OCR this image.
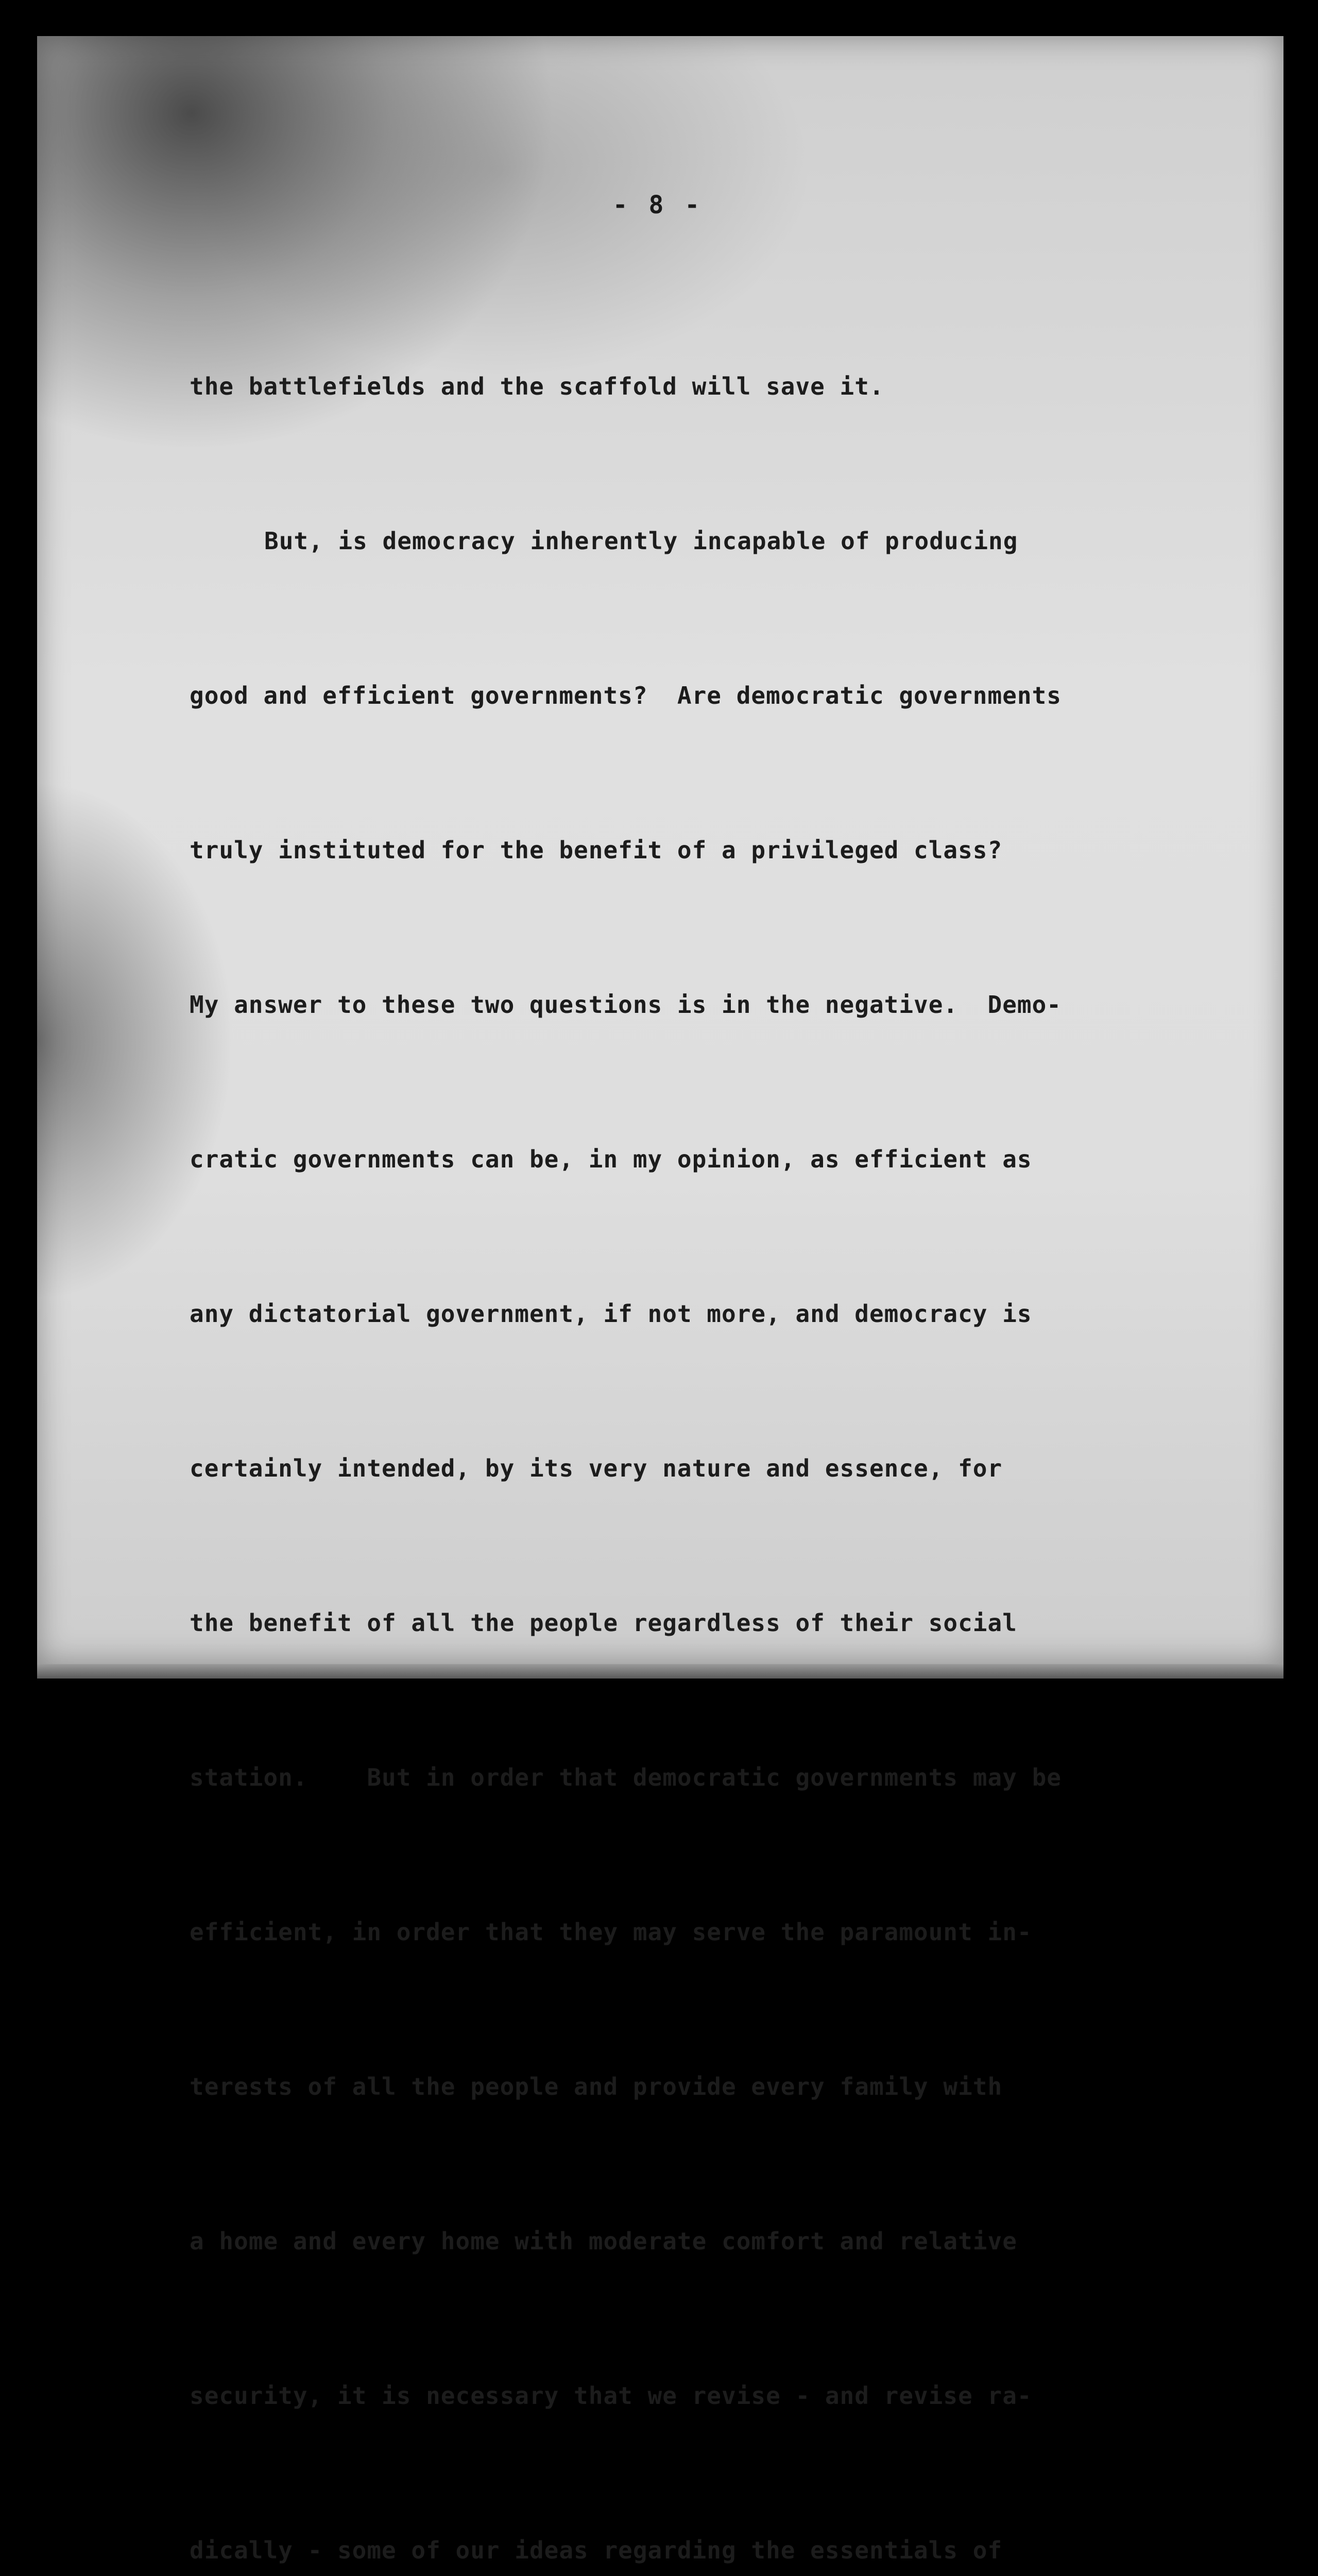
- 8 -

the battlefields and the scaffold will save it.

But, is democracy inherently incapable of producing

good and efficient governments?  Are democratic governments

truly instituted for the benefit of a privileged class?

My answer to these two questions is in the negative.  Demo-

cratic governments can be, in my opinion, as efficient as

any dictatorial government, if not more, and democracy is

certainly intended, by its very nature and essence, for

the benefit of all the people regardless of their social

station.    But in order that democratic governments may be

efficient, in order that they may serve the paramount in-

terests of all the people and provide every family with

a home and every home with moderate comfort and relative

security, it is necessary that we revise - and revise ra-

dically - some of our ideas regarding the essentials of
